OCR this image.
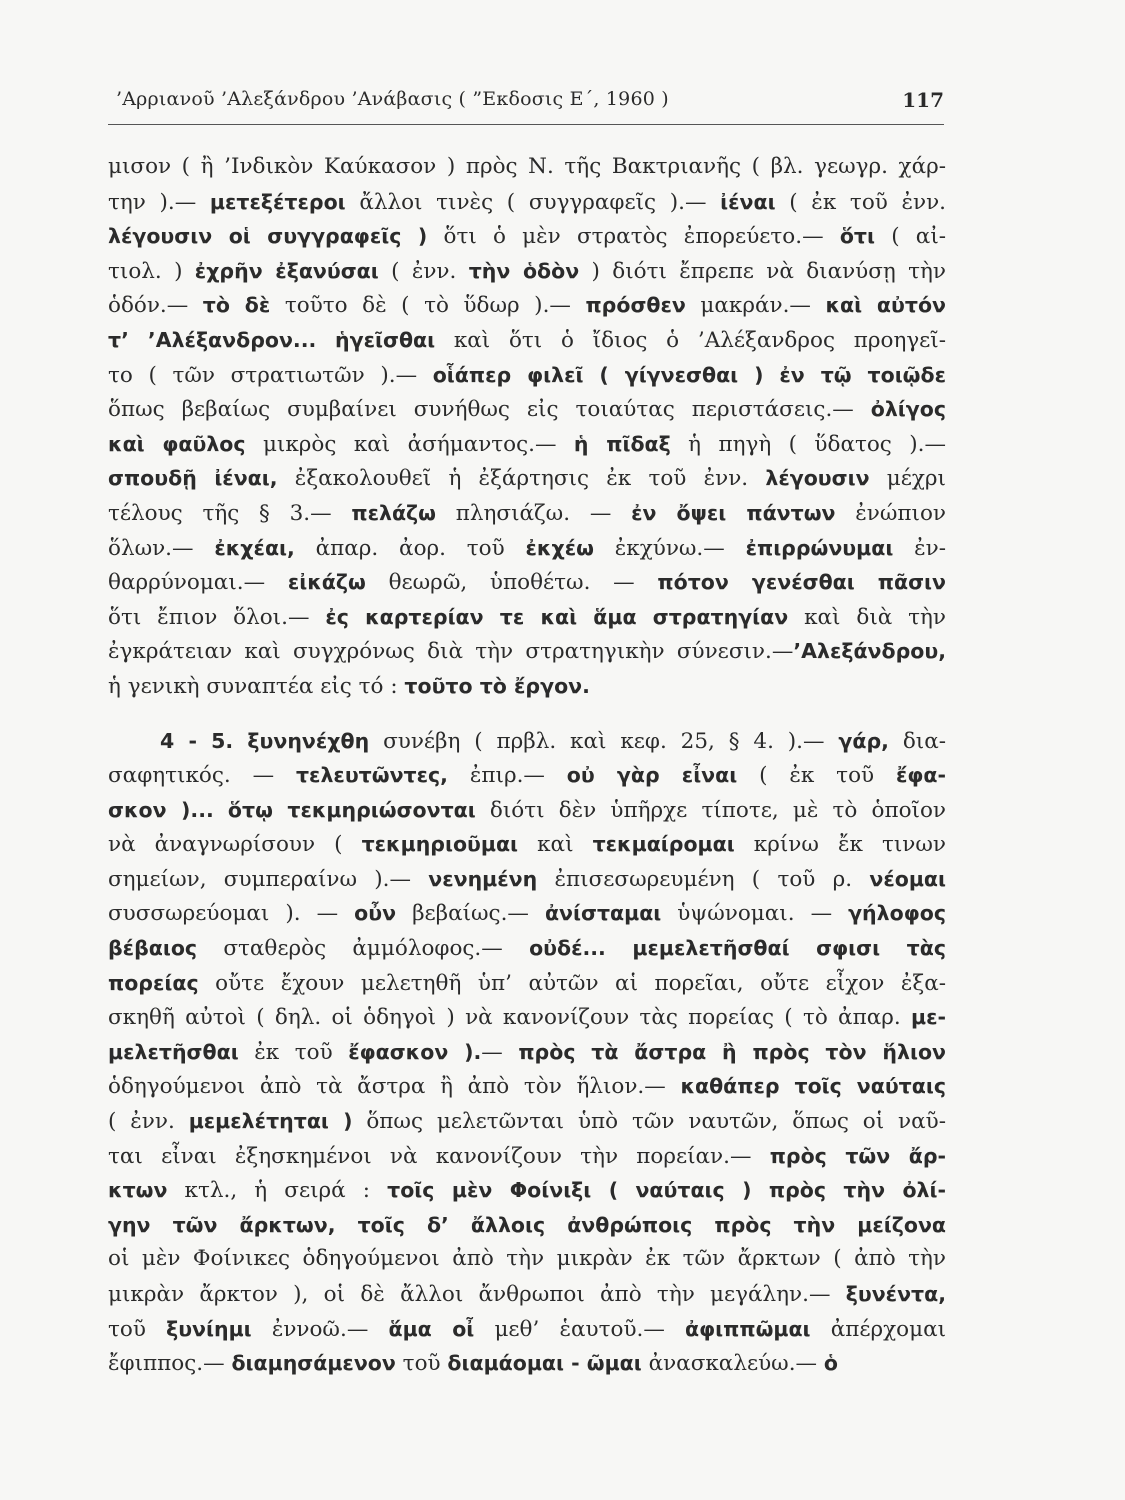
’Αρριανοῦ ’Αλεξάνδρου ’Ανάβασις ( ”Εκδοσις Ε΄, 1960 )	117
μισον ( ἢ ’Ινδικὸν Καύκασον ) πρὸς Ν. τῆς Βακτριανῆς ( βλ. γεωγρ. χάρ-
την ).— μετεξέτεροι ἄλλοι τινὲς ( συγγραφεῖς ).— ἰέναι ( ἐκ τοῦ ἐνν.
λέγουσιν οἱ συγγραφεῖς ) ὅτι ὁ μὲν στρατὸς ἐπορεύετο.— ὅτι ( αἰ-
τιολ. ) ἐχρῆν ἐξανύσαι ( ἐνν. τὴν ὁδὸν ) διότι ἔπρεπε νὰ διανύσῃ τὴν
ὁδόν.— τὸ δὲ τοῦτο δὲ ( τὸ ὕδωρ ).— πρόσθεν μακράν.— καὶ αὐτόν
τ’ ’Αλέξανδρον... ἡγεῖσθαι καὶ ὅτι ὁ ἴδιος ὁ ’Αλέξανδρος προηγεῖ-
το ( τῶν στρατιωτῶν ).— οἷάπερ φιλεῖ ( γίγνεσθαι ) ἐν τῷ τοιῷδε
ὅπως βεβαίως συμβαίνει συνήθως εἰς τοιαύτας περιστάσεις.— ὀλίγος
καὶ φαῦλος μικρὸς καὶ ἀσήμαντος.— ἡ πῖδαξ ἡ πηγὴ ( ὕδατος ).—
σπουδῇ ἰέναι, ἐξακολουθεῖ ἡ ἐξάρτησις ἐκ τοῦ ἐνν. λέγουσιν μέχρι
τέλους τῆς § 3.— πελάζω πλησιάζω. — ἐν ὄψει πάντων ἐνώπιον
ὅλων.— ἐκχέαι, ἀπαρ. ἀορ. τοῦ ἐκχέω ἐκχύνω.— ἐπιρρώνυμαι ἐν-
θαρρύνομαι.— εἰκάζω θεωρῶ, ὑποθέτω. — πότον γενέσθαι πᾶσιν
ὅτι ἔπιον ὅλοι.— ἐς καρτερίαν τε καὶ ἅμα στρατηγίαν καὶ διὰ τὴν
ἐγκράτειαν καὶ συγχρόνως διὰ τὴν στρατηγικὴν σύνεσιν.—’Αλεξάνδρου,
ἡ γενικὴ συναπτέα εἰς τό : τοῦτο τὸ ἔργον.
4 - 5. ξυνηνέχθη συνέβη ( πρβλ. καὶ κεφ. 25, § 4. ).— γάρ, δια-
σαφητικός. — τελευτῶντες, ἐπιρ.— οὐ γὰρ εἶναι ( ἐκ τοῦ ἔφα-
σκον )... ὅτῳ τεκμηριώσονται διότι δὲν ὑπῆρχε τίποτε, μὲ τὸ ὁποῖον
νὰ ἀναγνωρίσουν ( τεκμηριοῦμαι καὶ τεκμαίρομαι κρίνω ἔκ τινων
σημείων, συμπεραίνω ).— νενημένη ἐπισεσωρευμένη ( τοῦ ρ. νέομαι
συσσωρεύομαι ). — οὖν βεβαίως.— ἀνίσταμαι ὑψώνομαι. — γήλοφος
βέβαιος σταθερὸς ἀμμόλοφος.— οὐδέ... μεμελετῆσθαί σφισι τὰς
πορείας οὔτε ἔχουν μελετηθῆ ὑπ’ αὐτῶν αἱ πορεῖαι, οὔτε εἶχον ἐξα-
σκηθῆ αὐτοὶ ( δηλ. οἱ ὁδηγοὶ ) νὰ κανονίζουν τὰς πορείας ( τὸ ἀπαρ. με-
μελετῆσθαι ἐκ τοῦ ἔφασκον ).— πρὸς τὰ ἄστρα ἢ πρὸς τὸν ἥλιον
ὁδηγούμενοι ἀπὸ τὰ ἄστρα ἢ ἀπὸ τὸν ἥλιον.— καθάπερ τοῖς ναύταις
( ἐνν. μεμελέτηται ) ὅπως μελετῶνται ὑπὸ τῶν ναυτῶν, ὅπως οἱ ναῦ-
ται εἶναι ἐξησκημένοι νὰ κανονίζουν τὴν πορείαν.— πρὸς τῶν ἄρ-
κτων κτλ., ἡ σειρά : τοῖς μὲν Φοίνιξι ( ναύταις ) πρὸς τὴν ὀλί-
γην τῶν ἄρκτων, τοῖς δ’ ἄλλοις ἀνθρώποις πρὸς τὴν μείζονα
οἱ μὲν Φοίνικες ὁδηγούμενοι ἀπὸ τὴν μικρὰν ἐκ τῶν ἄρκτων ( ἀπὸ τὴν
μικρὰν ἄρκτον ), οἱ δὲ ἄλλοι ἄνθρωποι ἀπὸ τὴν μεγάλην.— ξυνέντα,
τοῦ ξυνίημι ἐννοῶ.— ἅμα οἶ μεθ’ ἑαυτοῦ.— ἀφιππῶμαι ἀπέρχομαι
ἔφιππος.— διαμησάμενον τοῦ διαμάομαι - ῶμαι ἀνασκαλεύω.— ὁ
